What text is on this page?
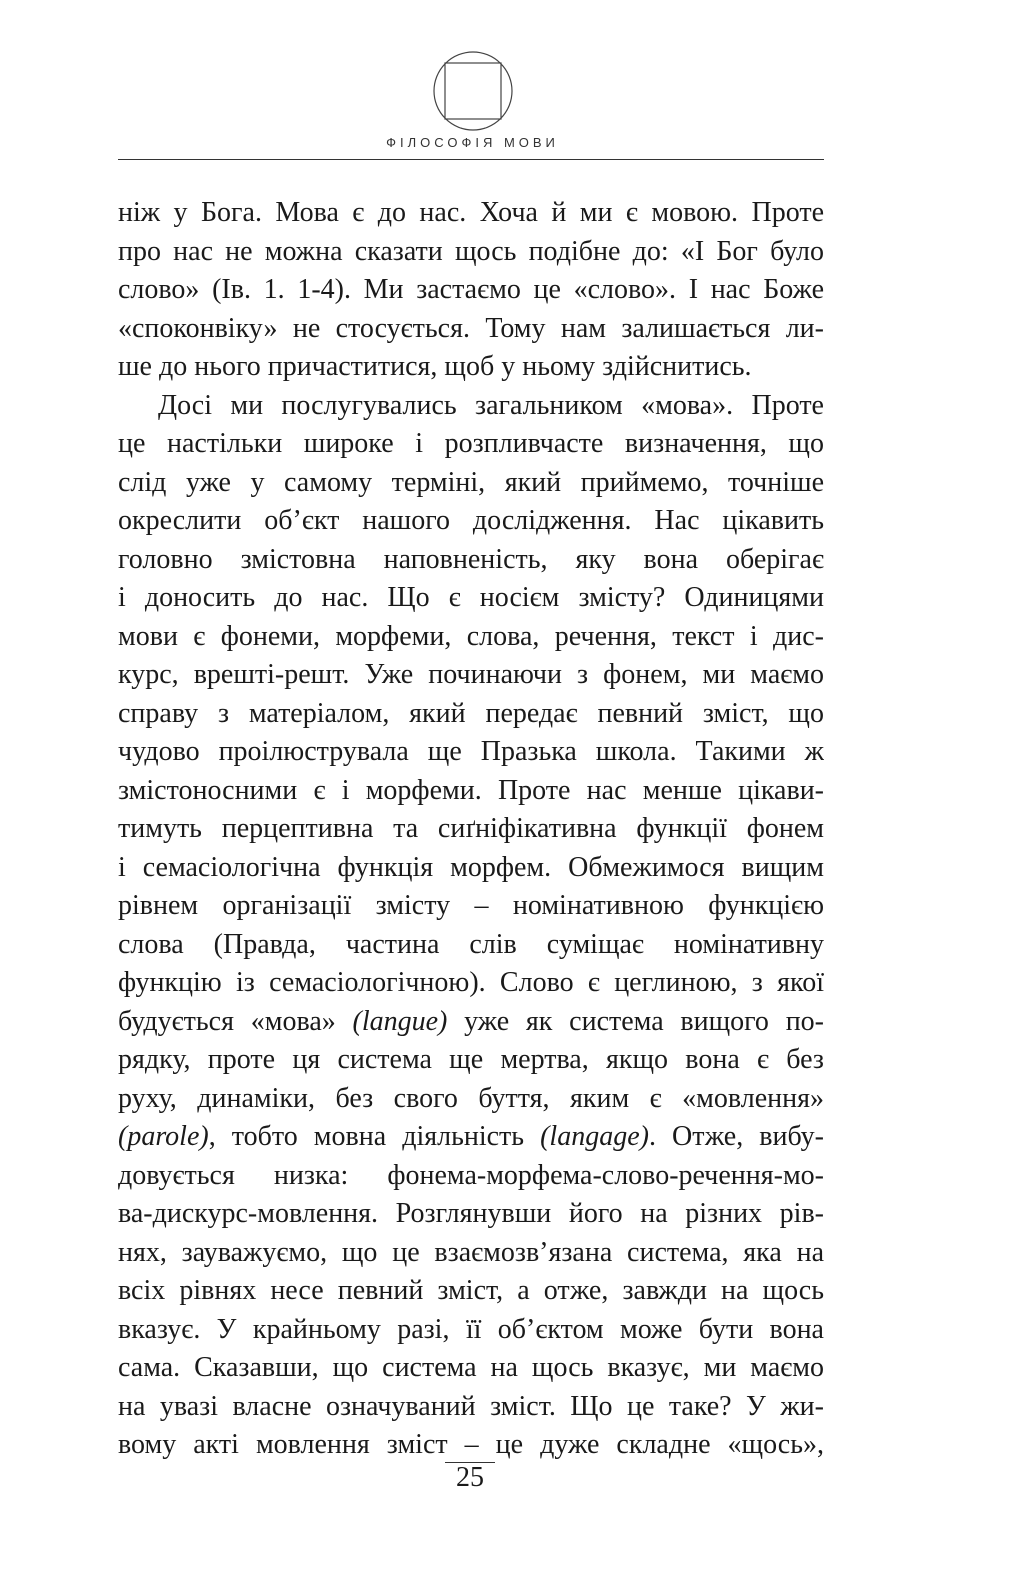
ФІЛОСОФІЯ МОВИ
ніж у Бога. Мова є до нас. Хоча й ми є мовою. Проте
про нас не можна сказати щось подібне до: «І Бог було
слово» (Ів. 1. 1-4). Ми застаємо це «слово». І нас Боже
«споконвіку» не стосується. Тому нам залишається ли-
ше до нього причаститися, щоб у ньому здійснитись.
Досі ми послугувались загальником «мова». Проте
це настільки широке і розпливчасте визначення, що
слід уже у самому терміні, який приймемо, точніше
окреслити об’єкт нашого дослідження. Нас цікавить
головно змістовна наповненість, яку вона оберігає
і доносить до нас. Що є носієм змісту? Одиницями
мови є фонеми, морфеми, слова, речення, текст і дис-
курс, врешті-решт. Уже починаючи з фонем, ми маємо
справу з матеріалом, який передає певний зміст, що
чудово проілюструвала ще Празька школа. Такими ж
змістоносними є і морфеми. Проте нас менше цікави-
тимуть перцептивна та сиґніфікативна функції фонем
і семасіологічна функція морфем. Обмежимося вищим
рівнем організації змісту – номінативною функцією
слова (Правда, частина слів суміщає номінативну
функцію із семасіологічною). Слово є цеглиною, з якої
будується «мова» (langue) уже як система вищого по-
рядку, проте ця система ще мертва, якщо вона є без
руху, динаміки, без свого буття, яким є «мовлення»
(parole), тобто мовна діяльність (langage). Отже, вибу-
довується низка: фонема-морфема-слово-речення-мо-
ва-дискурс-мовлення. Розглянувши його на різних рів-
нях, зауважуємо, що це взаємозв’язана система, яка на
всіх рівнях несе певний зміст, а отже, завжди на щось
вказує. У крайньому разі, її об’єктом може бути вона
сама. Сказавши, що система на щось вказує, ми маємо
на увазі власне означуваний зміст. Що це таке? У жи-
вому акті мовлення зміст – це дуже складне «щось»,
25
